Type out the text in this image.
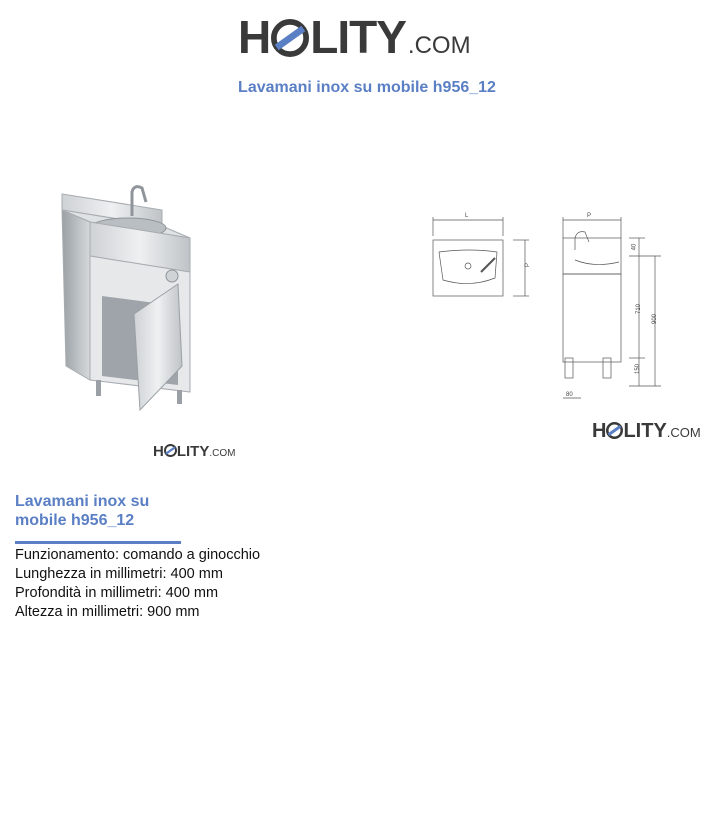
H LITY .COM
Lavamani inox su mobile h956_12
L	P
P
40
710
900
150
80
H LITY .COM
H LITY .COM
Lavamani inox su
mobile h956_12
Funzionamento: comando a ginocchio
Lunghezza in millimetri: 400 mm
Profondità in millimetri: 400 mm
Altezza in millimetri: 900 mm
